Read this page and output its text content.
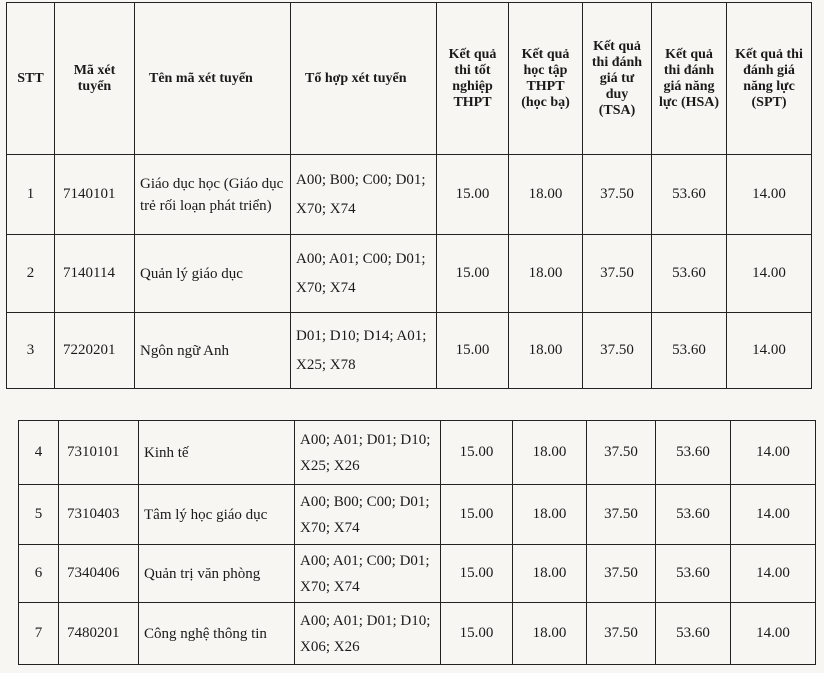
STT	Mã xét tuyển	Tên mã xét tuyển	Tổ hợp xét tuyển	Kết quả thi tốt nghiệp THPT	Kết quả học tập THPT (học bạ)	Kết quả thi đánh giá tư duy (TSA)	Kết quả thi đánh giá năng lực (HSA)	Kết quả thi đánh giá năng lực (SPT)
1	7140101	Giáo dục học (Giáo dục trẻ rối loạn phát triển)	A00; B00; C00; D01; X70; X74	15.00	18.00	37.50	53.60	14.00
2	7140114	Quản lý giáo dục	A00; A01; C00; D01; X70; X74	15.00	18.00	37.50	53.60	14.00
3	7220201	Ngôn ngữ Anh	D01; D10; D14; A01; X25; X78	15.00	18.00	37.50	53.60	14.00
4	7310101	Kinh tế	A00; A01; D01; D10; X25; X26	15.00	18.00	37.50	53.60	14.00
5	7310403	Tâm lý học giáo dục	A00; B00; C00; D01; X70; X74	15.00	18.00	37.50	53.60	14.00
6	7340406	Quản trị văn phòng	A00; A01; C00; D01; X70; X74	15.00	18.00	37.50	53.60	14.00
7	7480201	Công nghệ thông tin	A00; A01; D01; D10; X06; X26	15.00	18.00	37.50	53.60	14.00
